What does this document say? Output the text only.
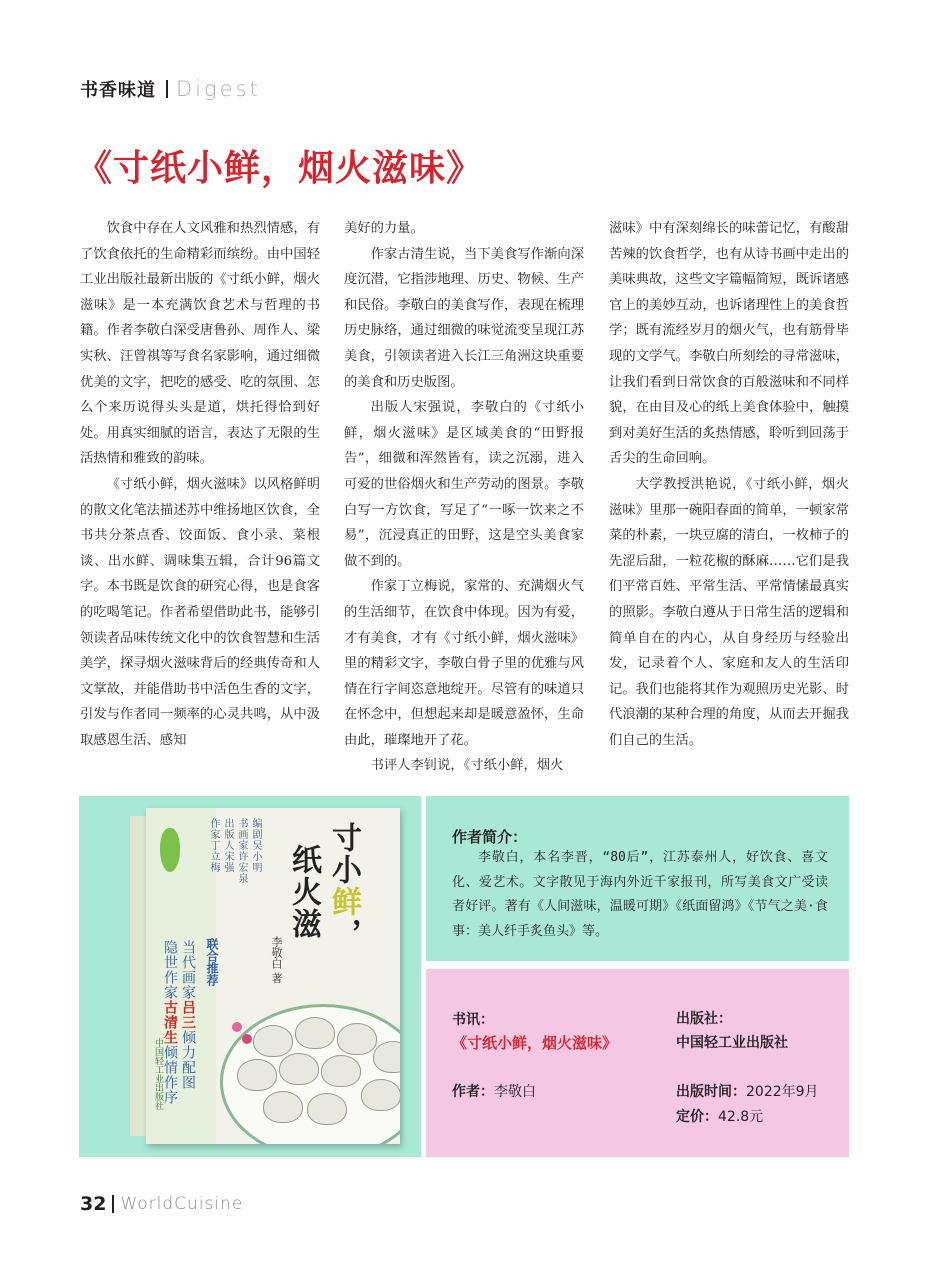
书香味道 Digest
《寸纸小鲜，烟火滋味》

饮食中存在人文风雅和热烈情感，有了饮食依托的生命精彩而缤纷。由中国轻工业出版社最新出版的《寸纸小鲜，烟火滋味》是一本充满饮食艺术与哲理的书籍。作者李敬白深受唐鲁孙、周作人、梁实秋、汪曾祺等写食名家影响，通过细微优美的文字，把吃的感受、吃的氛围、怎么个来历说得头头是道，烘托得恰到好处。用真实细腻的语言，表达了无限的生活热情和雅致的韵味。

《寸纸小鲜，烟火滋味》以风格鲜明的散文化笔法描述苏中维扬地区饮食，全书共分茶点香、饺面饭、食小录、菜根谈、出水鲜、调味集五辑，合计96篇文字。本书既是饮食的研究心得，也是食客的吃喝笔记。作者希望借助此书，能够引领读者品味传统文化中的饮食智慧和生活美学，探寻烟火滋味背后的经典传奇和人文掌故，并能借助书中活色生香的文字，引发与作者同一频率的心灵共鸣，从中汲取感恩生活、感知

美好的力量。

作家古清生说，当下美食写作渐向深度沉潜，它指涉地理、历史、物候、生产和民俗。李敬白的美食写作，表现在梳理历史脉络，通过细微的味觉流变呈现江苏美食，引领读者进入长江三角洲这块重要的美食和历史版图。

出版人宋强说，李敬白的《寸纸小鲜，烟火滋味》是区域美食的“田野报告”，细微和浑然皆有，读之沉溺，进入可爱的世俗烟火和生产劳动的图景。李敬白写一方饮食，写足了“一啄一饮来之不易”，沉浸真正的田野，这是空头美食家做不到的。

作家丁立梅说，家常的、充满烟火气的生活细节，在饮食中体现。因为有爱，才有美食，才有《寸纸小鲜，烟火滋味》里的精彩文字，李敬白骨子里的优雅与风情在行字间恣意地绽开。尽管有的味道只在怀念中，但想起来却是暖意盈怀，生命由此，璀璨地开了花。

书评人李钊说，《寸纸小鲜，烟火

滋味》中有深刻绵长的味蕾记忆，有酸甜苦辣的饮食哲学，也有从诗书画中走出的美味典故，这些文字篇幅简短，既诉诸感官上的美妙互动，也诉诸理性上的美食哲学；既有流经岁月的烟火气，也有筋骨毕现的文学气。李敬白所刻绘的寻常滋味，让我们看到日常饮食的百般滋味和不同样貌，在由目及心的纸上美食体验中，触摸到对美好生活的炙热情感，聆听到回荡于舌尖的生命回响。

大学教授洪艳说，《寸纸小鲜，烟火滋味》里那一碗阳春面的简单，一顿家常菜的朴素，一块豆腐的清白，一枚柿子的先涩后甜，一粒花椒的酥麻……它们是我们平常百姓、平常生活、平常情愫最真实的照影。李敬白遵从于日常生活的逻辑和简单自在的内心，从自身经历与经验出发，记录着个人、家庭和友人的生活印记。我们也能将其作为观照历史光影、时代浪潮的某种合理的角度，从而去开掘我们自己的生活。

中国轻工业出版社
作家丁立梅 出版人宋强 书画家许宏泉 编剧吴小明
联合推荐
当代画家吕三倾力配图
隐世作家古清生倾情作序
李敬白 著
纸火滋 寸小鲜，
作者简介：

李敬白，本名李晋，“80后”，江苏泰州人，好饮食、喜文化、爱艺术。文字散见于海内外近千家报刊，所写美食文广受读者好评。著有《人间滋味，温暖可期》《纸面留鸿》《节气之美·食事：美人纤手炙鱼头》等。

书讯：
《寸纸小鲜，烟火滋味》
出版社：
中国轻工业出版社
作者：李敬白	出版时间：2022年9月
定价：42.8元
32 WorldCuisine
